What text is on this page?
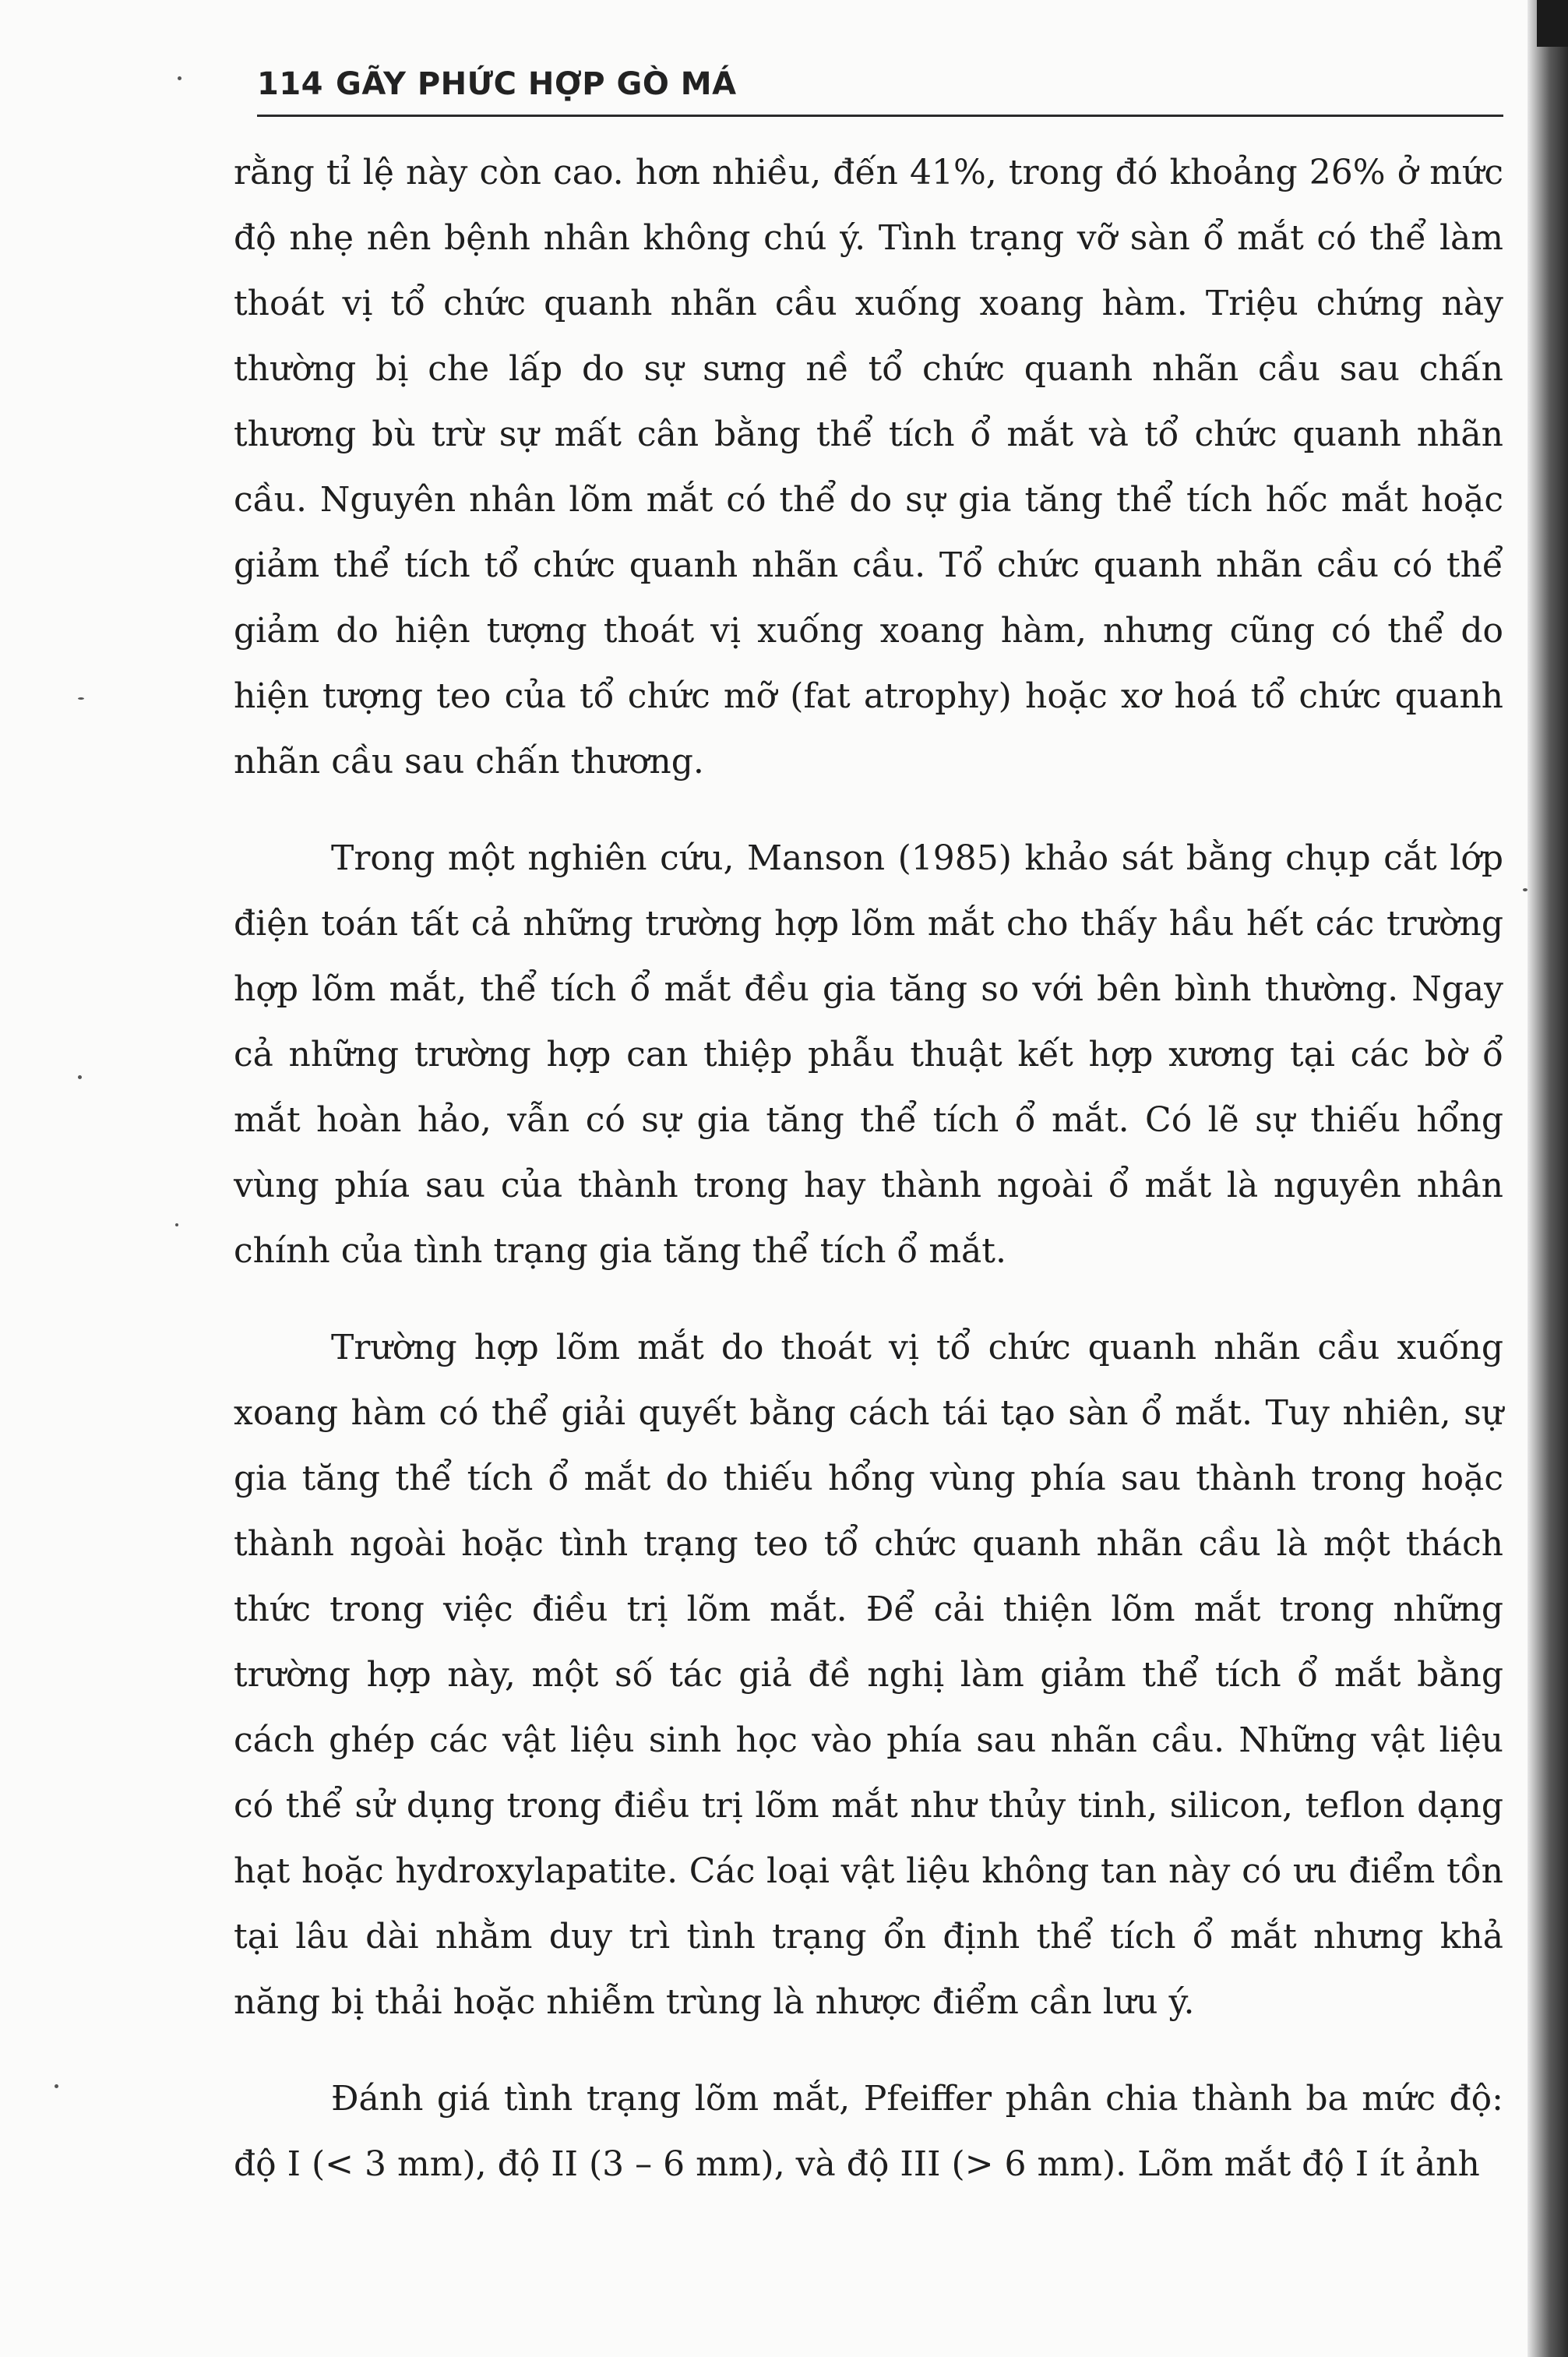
114 GÃY PHỨC HỢP GÒ MÁ

rằng tỉ lệ này còn cao. hơn nhiều, đến 41%, trong đó khoảng 26% ở mức độ nhẹ nên bệnh nhân không chú ý. Tình trạng vỡ sàn ổ mắt có thể làm thoát vị tổ chức quanh nhãn cầu xuống xoang hàm. Triệu chứng này thường bị che lấp do sự sưng nề tổ chức quanh nhãn cầu sau chấn thương bù trừ sự mất cân bằng thể tích ổ mắt và tổ chức quanh nhãn cầu. Nguyên nhân lõm mắt có thể do sự gia tăng thể tích hốc mắt hoặc giảm thể tích tổ chức quanh nhãn cầu. Tổ chức quanh nhãn cầu có thể giảm do hiện tượng thoát vị xuống xoang hàm, nhưng cũng có thể do hiện tượng teo của tổ chức mỡ (fat atrophy) hoặc xơ hoá tổ chức quanh nhãn cầu sau chấn thương.

Trong một nghiên cứu, Manson (1985) khảo sát bằng chụp cắt lớp điện toán tất cả những trường hợp lõm mắt cho thấy hầu hết các trường hợp lõm mắt, thể tích ổ mắt đều gia tăng so với bên bình thường. Ngay cả những trường hợp can thiệp phẫu thuật kết hợp xương tại các bờ ổ mắt hoàn hảo, vẫn có sự gia tăng thể tích ổ mắt. Có lẽ sự thiếu hổng vùng phía sau của thành trong hay thành ngoài ổ mắt là nguyên nhân chính của tình trạng gia tăng thể tích ổ mắt.

Trường hợp lõm mắt do thoát vị tổ chức quanh nhãn cầu xuống xoang hàm có thể giải quyết bằng cách tái tạo sàn ổ mắt. Tuy nhiên, sự gia tăng thể tích ổ mắt do thiếu hổng vùng phía sau thành trong hoặc thành ngoài hoặc tình trạng teo tổ chức quanh nhãn cầu là một thách thức trong việc điều trị lõm mắt. Để cải thiện lõm mắt trong những trường hợp này, một số tác giả đề nghị làm giảm thể tích ổ mắt bằng cách ghép các vật liệu sinh học vào phía sau nhãn cầu. Những vật liệu có thể sử dụng trong điều trị lõm mắt như thủy tinh, silicon, teflon dạng hạt hoặc hydroxylapatite. Các loại vật liệu không tan này có ưu điểm tồn tại lâu dài nhằm duy trì tình trạng ổn định thể tích ổ mắt nhưng khả năng bị thải hoặc nhiễm trùng là nhược điểm cần lưu ý.

Đánh giá tình trạng lõm mắt, Pfeiffer phân chia thành ba mức độ: độ I (< 3 mm), độ II (3 – 6 mm), và độ III (> 6 mm). Lõm mắt độ I ít ảnh
